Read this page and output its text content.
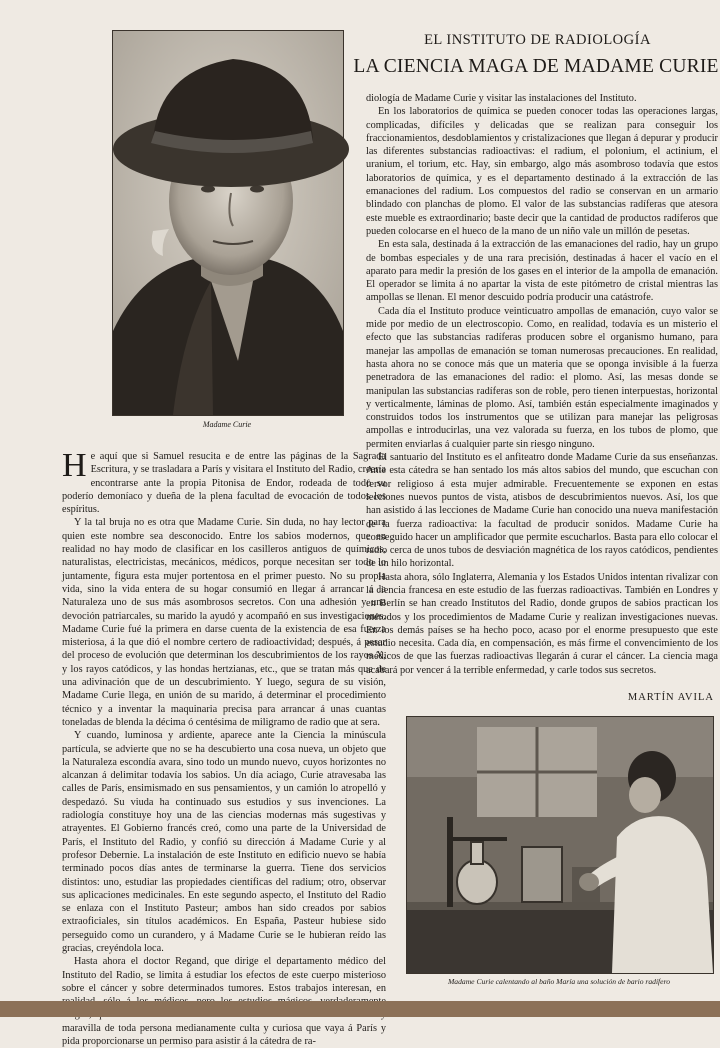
EL INSTITUTO DE RADIOLOGÍA
LA CIENCIA MAGA DE MADAME CURIE
Madame Curie

diología de Madame Curie y visitar las instalaciones del Instituto.

En los laboratorios de química se pueden conocer todas las operaciones largas, complicadas, difíciles y delicadas que se realizan para conseguir los fraccionamientos, desdoblamientos y cristalizaciones que llegan á depurar y producir las diferentes substancias radioactivas: el radium, el polonium, el actinium, el uranium, el torium, etc. Hay, sin embargo, algo más asombroso todavía que estos laboratorios de química, y es el departamento destinado á la extracción de las emanaciones del radium. Los compuestos del radio se conservan en un armario blindado con planchas de plomo. El valor de las substancias radíferas que atesora este mueble es extraordinario; baste decir que la cantidad de productos radíferos que pueden colocarse en el hueco de la mano de un niño vale un millón de pesetas.

En esta sala, destinada á la extracción de las emanaciones del radio, hay un grupo de bombas especiales y de una rara precisión, destinadas á hacer el vacío en el aparato para medir la presión de los gases en el interior de la ampolla de emanación. El operador se limita á no apartar la vista de este pitómetro de cristal mientras las ampollas se llenan. El menor descuido podría producir una catástrofe.

Cada día el Instituto produce veinticuatro ampollas de emanación, cuyo valor se mide por medio de un electroscopio. Como, en realidad, todavía es un misterio el efecto que las substancias radíferas producen sobre el organismo humano, para manejar las ampollas de emanación se toman numerosas precauciones. En realidad, hasta ahora no se conoce más que un materia que se oponga invisible á la fuerza penetradora de las emanaciones del radio: el plomo. Así, las mesas donde se manipulan las substancias radíferas son de roble, pero tienen interpuestas, horizontal y verticalmente, láminas de plomo. Así, también están especialmente imaginados y construidos todos los instrumentos que se utilizan para manejar las peligrosas ampollas e introducirlas, una vez valorada su fuerza, en los tubos de plomo, que permiten enviarlas á cualquier parte sin riesgo ninguno.

El santuario del Instituto es el anfiteatro donde Madame Curie da sus enseñanzas. Ante esta cátedra se han sentado los más altos sabios del mundo, que escuchan con fervor religioso á esta mujer admirable. Frecuentemente se exponen en estas lecciones nuevos puntos de vista, atisbos de descubrimientos nuevos. Así, los que han asistido á las lecciones de Madame Curie han conocido una nueva manifestación de la fuerza radioactiva: la facultad de producir sonidos. Madame Curie ha conseguido hacer un amplificador que permite escucharlos. Basta para ello colocar el radio cerca de unos tubos de desviación magnética de los rayos catódicos, pendientes de un hilo horizontal.

Hasta ahora, sólo Inglaterra, Alemania y los Estados Unidos intentan rivalizar con la ciencia francesa en este estudio de las fuerzas radioactivas. También en Londres y en Berlín se han creado Institutos del Radio, donde grupos de sabios practican los métodos y los procedimientos de Madame Curie y realizan investigaciones nuevas. En los demás países se ha hecho poco, acaso por el enorme presupuesto que este estudio necesita. Cada día, en compensación, es más firme el convencimiento de los médicos de que las fuerzas radioactivas llegarán á curar el cáncer. La ciencia maga acabará por vencer á la terrible enfermedad, y carle todos sus secretos.

MARTÍN AVILA

He aquí que si Samuel resucita e de entre las páginas de la Sagrada Escritura, y se trasladara a París y visitara el Instituto del Radio, creería encontrarse ante la propia Pitonisa de Endor, rodeada de todo su poderío demoníaco y dueña de la plena facultad de evocación de todos los espíritus.

Y la tal bruja no es otra que Madame Curie. Sin duda, no hay lector para quien este nombre sea desconocido. Entre los sabios modernos, que en realidad no hay modo de clasificar en los casilleros antiguos de químicos, naturalistas, electricistas, mecánicos, médicos, porque necesitan ser todo lo juntamente, figura esta mujer portentosa en el primer puesto. No su propia vida, sino la vida entera de su hogar consumió en llegar á arrancar á la Naturaleza uno de sus más asombrosos secretos. Con una adhesión y una devoción patriarcales, su marido la ayudó y acompañó en sus investigaciones. Madame Curie fué la primera en darse cuenta de la existencia de esa fuerza misteriosa, á la que dió el nombre certero de radioactividad; después, á pesar del proceso de evolución que determinan los descubrimientos de los rayos X, y los rayos catódicos, y las hondas hertzianas, etc., que se tratan más que de una adivinación que de un descubrimiento. Y luego, segura de su visión, Madame Curie llega, en unión de su marido, á determinar el procedimiento técnico y a inventar la maquinaria precisa para arrancar á unas cuantas toneladas de blenda la décima ó centésima de miligramo de radio que at sera.

Y cuando, luminosa y ardiente, aparece ante la Ciencia la minúscula partícula, se advierte que no se ha descubierto una cosa nueva, un objeto que la Naturaleza escondía avara, sino todo un mundo nuevo, cuyos horizontes no alcanzan á delimitar todavía los sabios. Un día aciago, Curie atravesaba las calles de París, ensimismado en sus pensamientos, y un camión lo atropelló y despedazó. Su viuda ha continuado sus estudios y sus invenciones. La radiología constituye hoy una de las ciencias modernas más sugestivas y atrayentes. El Gobierno francés creó, como una parte de la Universidad de París, el Instituto del Radio, y confió su dirección á Madame Curie y al profesor Debernie. La instalación de este Instituto en edificio nuevo se había terminado pocos días antes de terminarse la guerra. Tiene dos servicios distintos: uno, estudiar las propiedades científicas del radium; otro, observar sus aplicaciones medicinales. En este segundo aspecto, el Instituto del Radio se enlaza con el Instituto Pasteur; ambos han sido creados por sabios extraoficiales, sin títulos académicos. En España, Pasteur hubiese sido perseguido como un curandero, y á Madame Curie se le hubieran reído las gracias, creyéndola loca.

Hasta ahora el doctor Regand, que dirige el departamento médico del Instituto del Radio, se limita á estudiar los efectos de este cuerpo misterioso sobre el cáncer y sobre determinados tumores. Estos trabajos interesan, en maravilla de toda persona medianamente culta y curiosa que vaya á París y pida proporcionarse un permiso para asistir á la cátedra de ra-

Madame Curie calentando al baño María una solución de bario radífero
